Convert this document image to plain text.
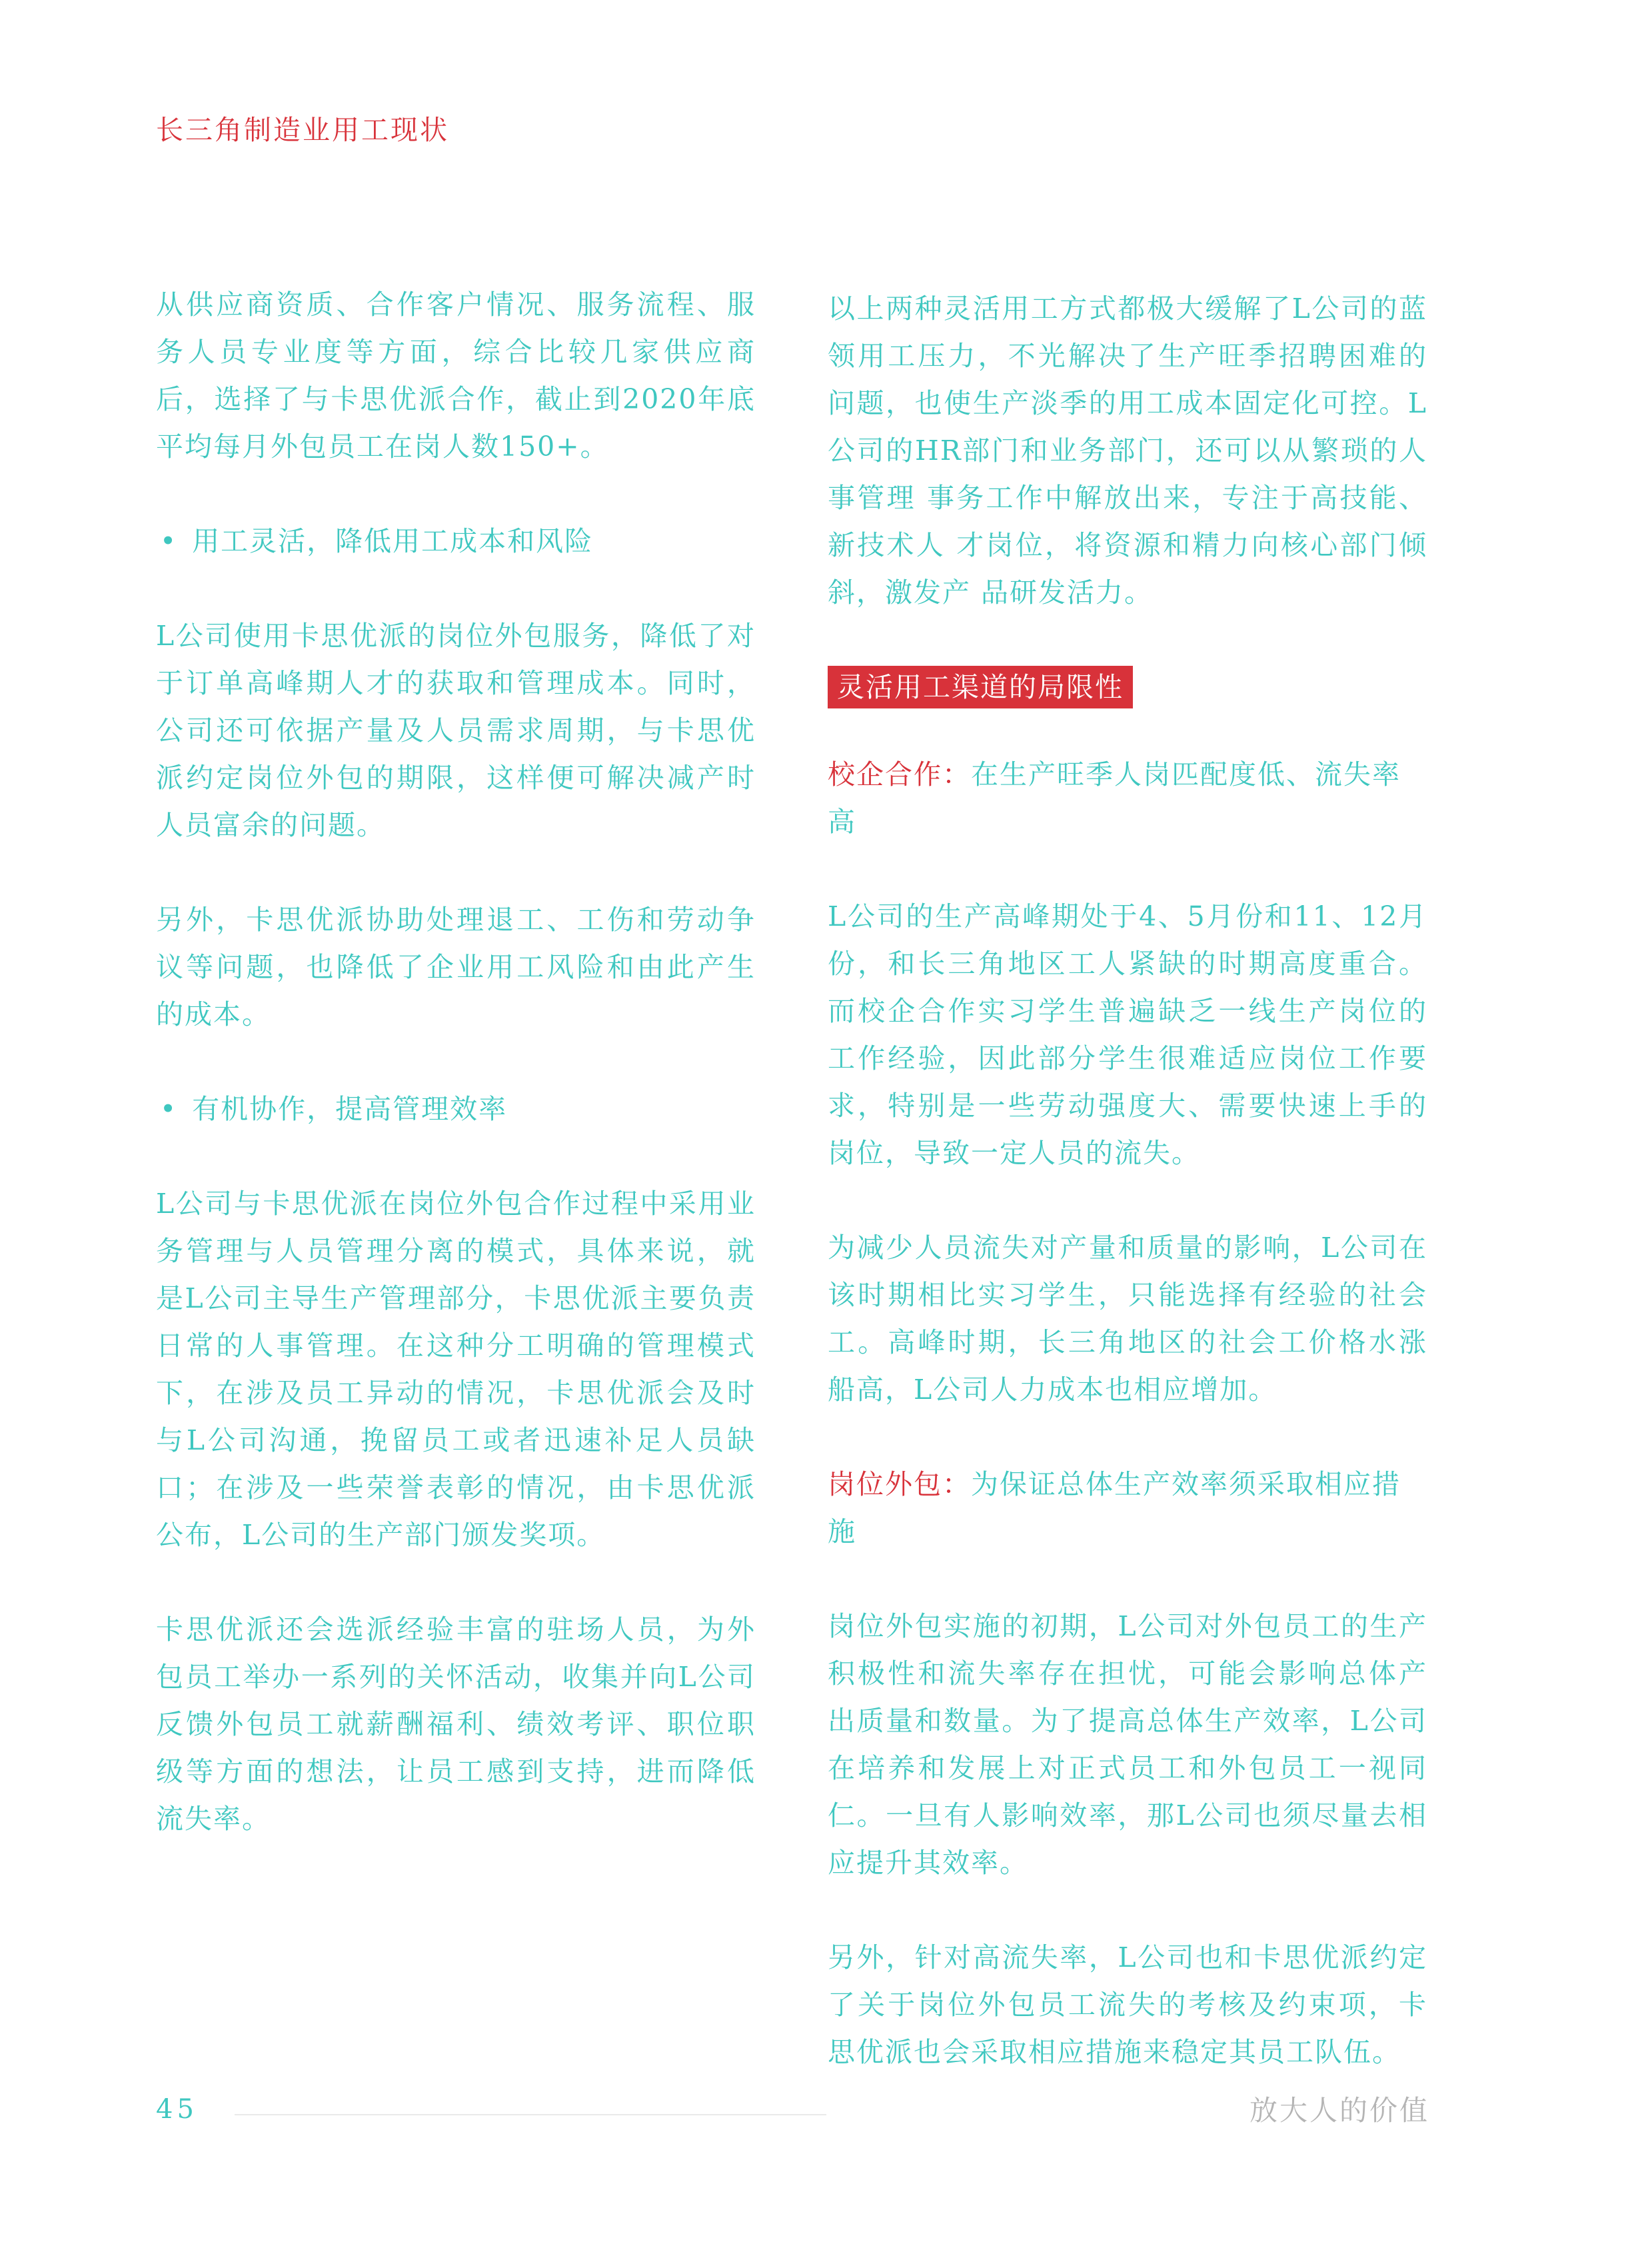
长三角制造业用工现状

从供应商资质、合作客户情况、服务流程、服务人员专业度等方面，综合比较几家供应商后，选择了与卡思优派合作，截止到2020年底平均每月外包员工在岗人数150+。

• 用工灵活，降低用工成本和风险

L公司使用卡思优派的岗位外包服务，降低了对于订单高峰期人才的获取和管理成本。同时，公司还可依据产量及人员需求周期，与卡思优派约定岗位外包的期限，这样便可解决减产时人员富余的问题。

另外，卡思优派协助处理退工、工伤和劳动争议等问题，也降低了企业用工风险和由此产生的成本。

• 有机协作，提高管理效率

L公司与卡思优派在岗位外包合作过程中采用业务管理与人员管理分离的模式，具体来说，就是L公司主导生产管理部分，卡思优派主要负责日常的人事管理。在这种分工明确的管理模式下，在涉及员工异动的情况，卡思优派会及时与L公司沟通，挽留员工或者迅速补足人员缺口；在涉及一些荣誉表彰的情况，由卡思优派公布，L公司的生产部门颁发奖项。

卡思优派还会选派经验丰富的驻场人员，为外包员工举办一系列的关怀活动，收集并向L公司反馈外包员工就薪酬福利、绩效考评、职位职级等方面的想法，让员工感到支持，进而降低流失率。

以上两种灵活用工方式都极大缓解了L公司的蓝领用工压力，不光解决了生产旺季招聘困难的问题，也使生产淡季的用工成本固定化可控。L公司的HR部门和业务部门，还可以从繁琐的人事管理 事务工作中解放出来，专注于高技能、新技术人 才岗位，将资源和精力向核心部门倾斜，激发产 品研发活力。

灵活用工渠道的局限性
校企合作：在生产旺季人岗匹配度低、流失率高

L公司的生产高峰期处于4、5月份和11、12月份，和长三角地区工人紧缺的时期高度重合。而校企合作实习学生普遍缺乏一线生产岗位的工作经验，因此部分学生很难适应岗位工作要求，特别是一些劳动强度大、需要快速上手的岗位，导致一定人员的流失。

为减少人员流失对产量和质量的影响，L公司在该时期相比实习学生，只能选择有经验的社会工。高峰时期，长三角地区的社会工价格水涨船高，L公司人力成本也相应增加。

岗位外包：为保证总体生产效率须采取相应措施

岗位外包实施的初期，L公司对外包员工的生产积极性和流失率存在担忧，可能会影响总体产出质量和数量。为了提高总体生产效率，L公司在培养和发展上对正式员工和外包员工一视同仁。一旦有人影响效率，那L公司也须尽量去相应提升其效率。

另外，针对高流失率，L公司也和卡思优派约定了关于岗位外包员工流失的考核及约束项，卡思优派也会采取相应措施来稳定其员工队伍。

45	放大人的价值
